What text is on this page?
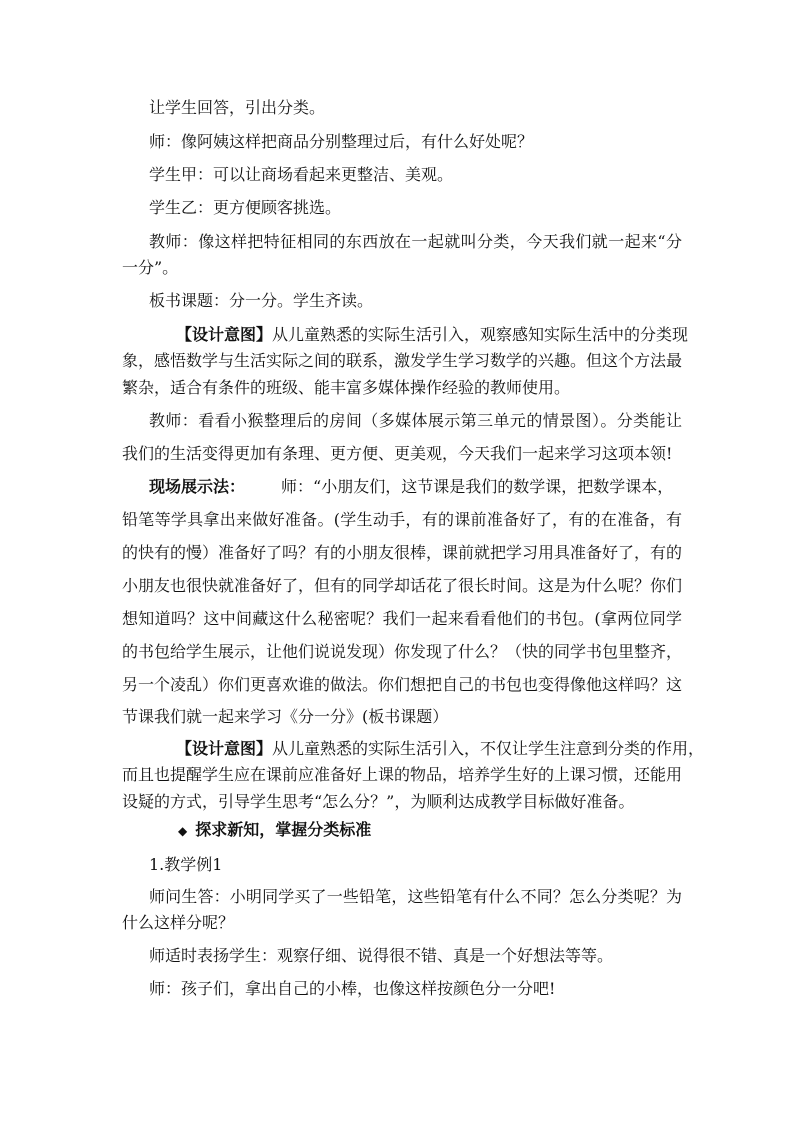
让学生回答，引出分类。
师：像阿姨这样把商品分别整理过后，有什么好处呢？
学生甲：可以让商场看起来更整洁、美观。
学生乙：更方便顾客挑选。
教师：像这样把特征相同的东西放在一起就叫分类，今天我们就一起来“分
一分”。
板书课题：分一分。学生齐读。
【设计意图】从儿童熟悉的实际生活引入，观察感知实际生活中的分类现
象，感悟数学与生活实际之间的联系，激发学生学习数学的兴趣。但这个方法最
繁杂，适合有条件的班级、能丰富多媒体操作经验的教师使用。
教师：看看小猴整理后的房间（多媒体展示第三单元的情景图）。分类能让
我们的生活变得更加有条理、更方便、更美观，今天我们一起来学习这项本领!
现场展示法： 师：“小朋友们，这节课是我们的数学课，把数学课本，
铅笔等学具拿出来做好准备。(学生动手，有的课前准备好了，有的在准备，有
的快有的慢）准备好了吗？有的小朋友很棒，课前就把学习用具准备好了，有的
小朋友也很快就准备好了，但有的同学却话花了很长时间。这是为什么呢？你们
想知道吗？这中间藏这什么秘密呢？我们一起来看看他们的书包。(拿两位同学
的书包给学生展示，让他们说说发现）你发现了什么？（快的同学书包里整齐，
另一个凌乱）你们更喜欢谁的做法。你们想把自己的书包也变得像他这样吗？这
节课我们就一起来学习《分一分》(板书课题）
【设计意图】从儿童熟悉的实际生活引入，不仅让学生注意到分类的作用，
而且也提醒学生应在课前应准备好上课的物品，培养学生好的上课习惯，还能用
设疑的方式，引导学生思考“怎么分？”，为顺利达成教学目标做好准备。
◆ 探求新知，掌握分类标准
1.教学例1
师问生答：小明同学买了一些铅笔，这些铅笔有什么不同？怎么分类呢？为
什么这样分呢？
师适时表扬学生：观察仔细、说得很不错、真是一个好想法等等。
师：孩子们，拿出自己的小棒，也像这样按颜色分一分吧!
